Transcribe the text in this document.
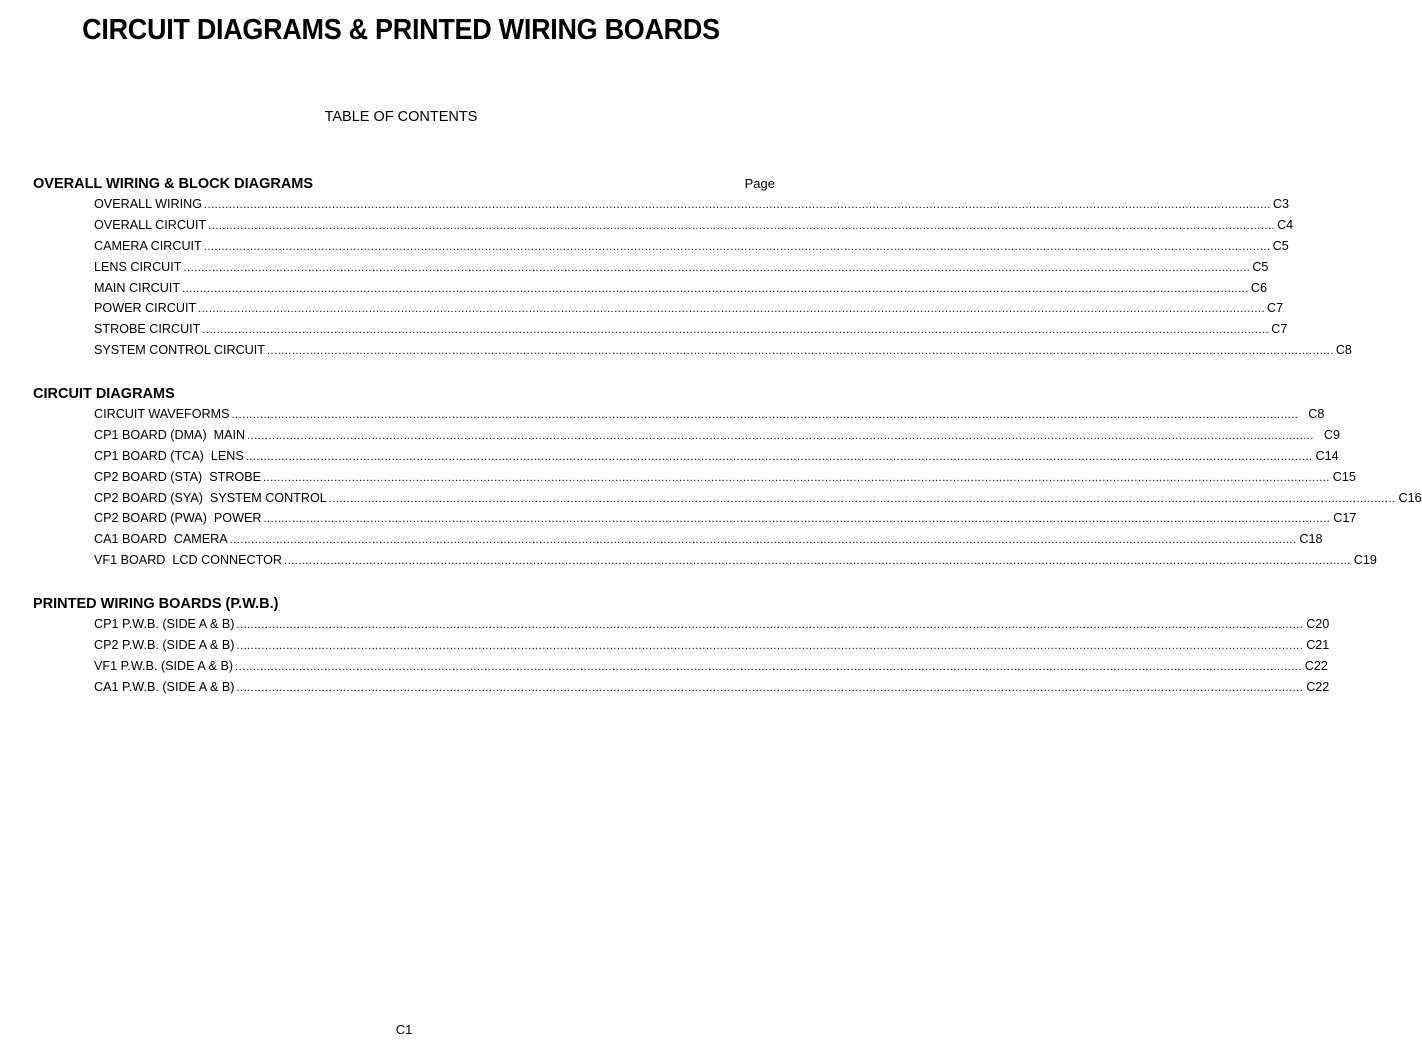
CIRCUIT DIAGRAMS & PRINTED WIRING BOARDS
TABLE OF CONTENTS
OVERALL WIRING & BLOCK DIAGRAMS	Page
OVERALL WIRING ............................................................................................................................................................................................................................................................................................................ C3
OVERALL CIRCUIT ............................................................................................................................................................................................................................................................................................................ C4
CAMERA CIRCUIT ............................................................................................................................................................................................................................................................................................................ C5
LENS CIRCUIT ............................................................................................................................................................................................................................................................................................................ C5
MAIN CIRCUIT ............................................................................................................................................................................................................................................................................................................ C6
POWER CIRCUIT ............................................................................................................................................................................................................................................................................................................ C7
STROBE CIRCUIT ............................................................................................................................................................................................................................................................................................................ C7
SYSTEM CONTROL CIRCUIT ............................................................................................................................................................................................................................................................................................................ C8
CIRCUIT DIAGRAMS
CIRCUIT WAVEFORMS ............................................................................................................................................................................................................................................................................................................ C8
CP1 BOARD (DMA)  MAIN ............................................................................................................................................................................................................................................................................................................ C9
CP1 BOARD (TCA)  LENS ............................................................................................................................................................................................................................................................................................................ C14
CP2 BOARD (STA)  STROBE ............................................................................................................................................................................................................................................................................................................ C15
CP2 BOARD (SYA)  SYSTEM CONTROL ............................................................................................................................................................................................................................................................................................................ C16
CP2 BOARD (PWA)  POWER ............................................................................................................................................................................................................................................................................................................ C17
CA1 BOARD  CAMERA ............................................................................................................................................................................................................................................................................................................ C18
VF1 BOARD  LCD CONNECTOR ............................................................................................................................................................................................................................................................................................................ C19
PRINTED WIRING BOARDS (P.W.B.)
CP1 P.W.B. (SIDE A & B) ............................................................................................................................................................................................................................................................................................................ C20
CP2 P.W.B. (SIDE A & B) ............................................................................................................................................................................................................................................................................................................ C21
VF1 P.W.B. (SIDE A & B) ............................................................................................................................................................................................................................................................................................................ C22
CA1 P.W.B. (SIDE A & B) ............................................................................................................................................................................................................................................................................................................ C22
C1
